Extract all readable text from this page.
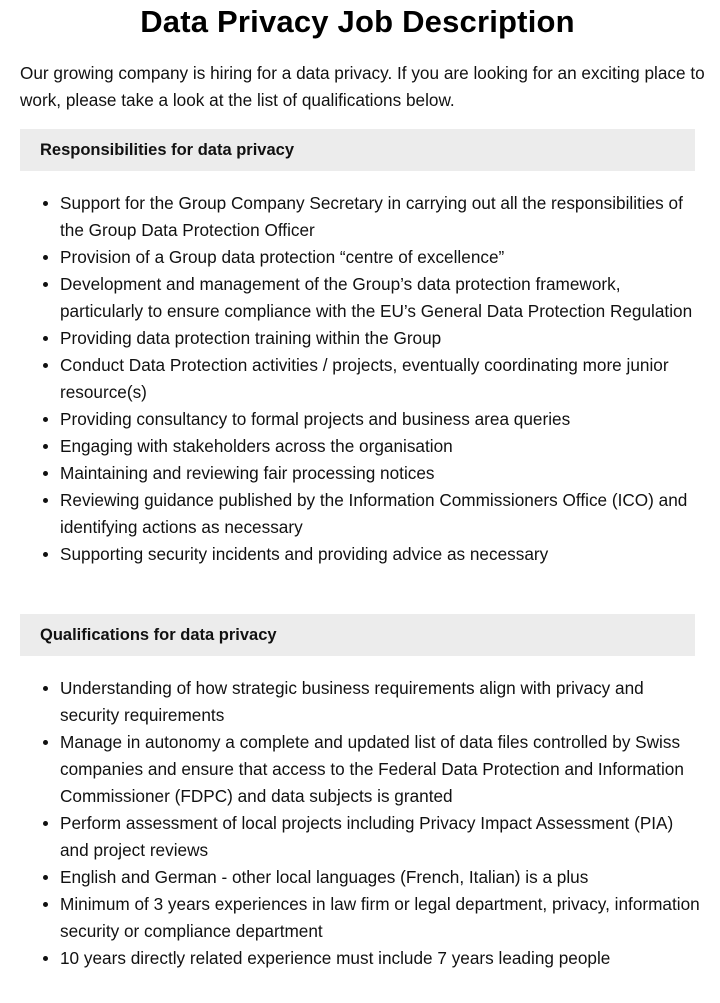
Data Privacy Job Description

Our growing company is hiring for a data privacy. If you are looking for an exciting place to work, please take a look at the list of qualifications below.

Responsibilities for data privacy
Support for the Group Company Secretary in carrying out all the responsibilities of the Group Data Protection Officer
Provision of a Group data protection “centre of excellence”
Development and management of the Group’s data protection framework, particularly to ensure compliance with the EU’s General Data Protection Regulation
Providing data protection training within the Group
Conduct Data Protection activities / projects, eventually coordinating more junior resource(s)
Providing consultancy to formal projects and business area queries
Engaging with stakeholders across the organisation
Maintaining and reviewing fair processing notices
Reviewing guidance published by the Information Commissioners Office (ICO) and identifying actions as necessary
Supporting security incidents and providing advice as necessary
Qualifications for data privacy
Understanding of how strategic business requirements align with privacy and security requirements
Manage in autonomy a complete and updated list of data files controlled by Swiss companies and ensure that access to the Federal Data Protection and Information Commissioner (FDPC) and data subjects is granted
Perform assessment of local projects including Privacy Impact Assessment (PIA) and project reviews
English and German - other local languages (French, Italian) is a plus
Minimum of 3 years experiences in law firm or legal department, privacy, information security or compliance department
10 years directly related experience must include 7 years leading people
